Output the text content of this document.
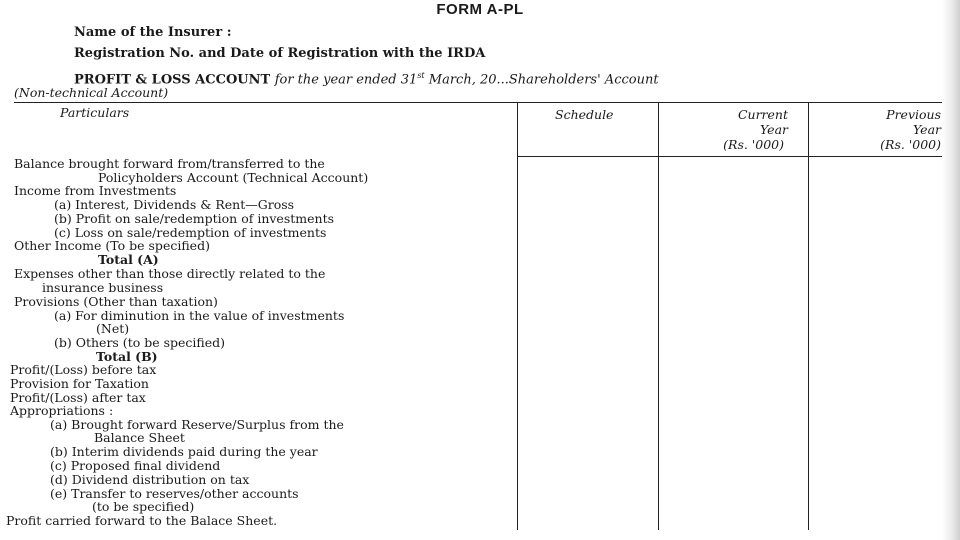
FORM A-PL
Name of the Insurer :
Registration No. and Date of Registration with the IRDA
PROFIT & LOSS ACCOUNT for the year ended 31st March, 20...Shareholders' Account
(Non-technical Account)
Particulars	Schedule	Current
Year
(Rs. '000)
Previous
Year
(Rs. '000)
Balance brought forward from/transferred to the
Policyholders Account (Technical Account)
Income from Investments
(a) Interest, Dividends & Rent—Gross
(b) Profit on sale/redemption of investments
(c) Loss on sale/redemption of investments
Other Income (To be specified)
Total (A)
Expenses other than those directly related to the
insurance business
Provisions (Other than taxation)
(a) For diminution in the value of investments
(Net)
(b) Others (to be specified)
Total (B)
Profit/(Loss) before tax
Provision for Taxation
Profit/(Loss) after tax
Appropriations :
(a) Brought forward Reserve/Surplus from the
Balance Sheet
(b) Interim dividends paid during the year
(c) Proposed final dividend
(d) Dividend distribution on tax
(e) Transfer to reserves/other accounts
(to be specified)
Profit carried forward to the Balace Sheet.
